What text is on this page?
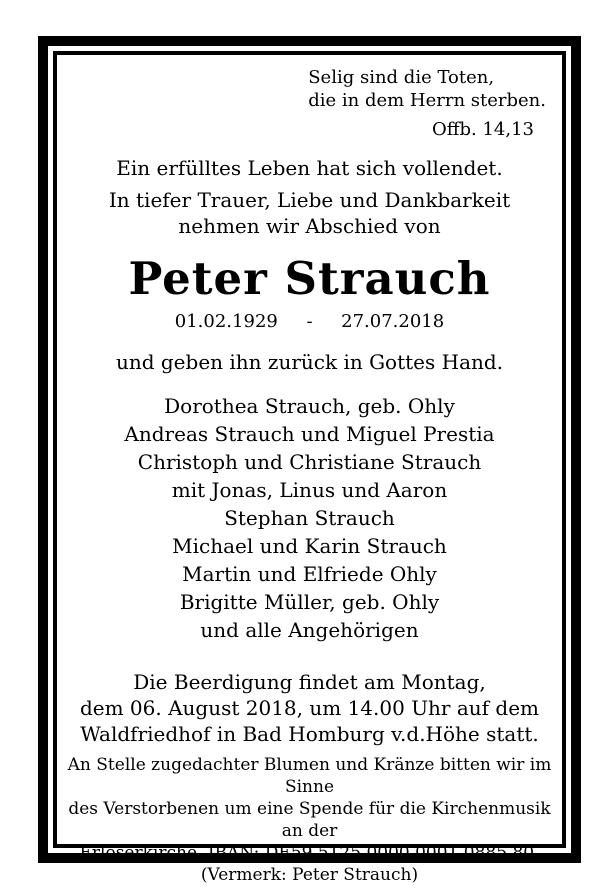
Selig sind die Toten,
die in dem Herrn sterben.
Offb. 14,13
Ein erfülltes Leben hat sich vollendet.
In tiefer Trauer, Liebe und Dankbarkeit
nehmen wir Abschied von
Peter Strauch
01.02.1929     -     27.07.2018
und geben ihn zurück in Gottes Hand.
Dorothea Strauch, geb. Ohly
Andreas Strauch und Miguel Prestia
Christoph und Christiane Strauch
mit Jonas, Linus und Aaron
Stephan Strauch
Michael und Karin Strauch
Martin und Elfriede Ohly
Brigitte Müller, geb. Ohly
und alle Angehörigen
Die Beerdigung findet am Montag,
dem 06. August 2018, um 14.00 Uhr auf dem
Waldfriedhof in Bad Homburg v.d.Höhe statt.
An Stelle zugedachter Blumen und Kränze bitten wir im Sinne
des Verstorbenen um eine Spende für die Kirchenmusik an der
Erlöserkirche. IBAN: DE59 5125 0000 0001 0885 80.
(Vermerk: Peter Strauch)
